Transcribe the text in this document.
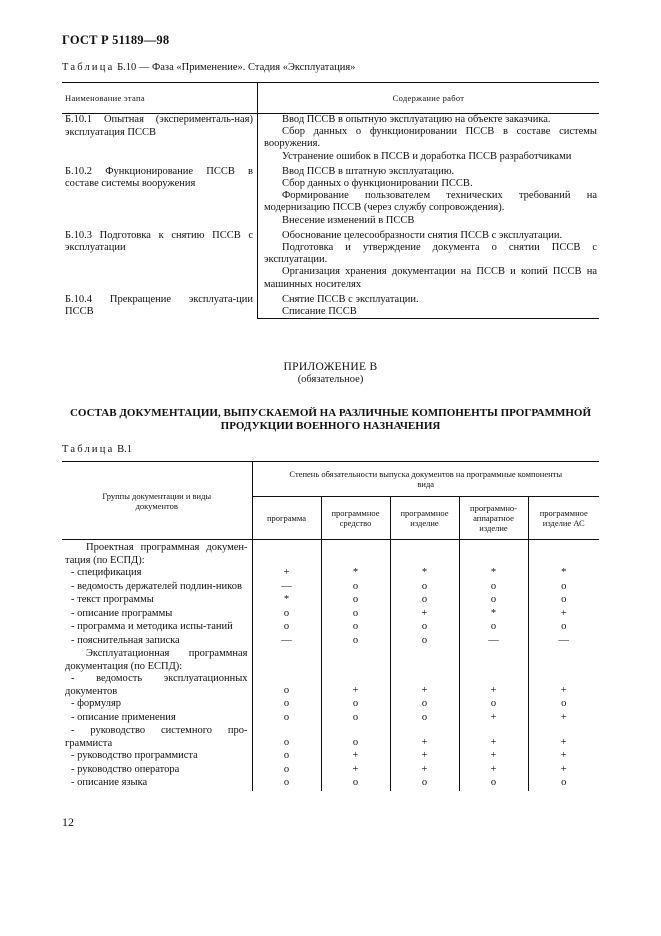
ГОСТ Р 51189—98
Таблица Б.10 — Фаза «Применение». Стадия «Эксплуатация»
Наименование этапа	Содержание работ
Б.10.1 Опытная (эксперименталь-ная) эксплуатация ПССВ	Ввод ПССВ в опытную эксплуатацию на объекте заказчика.

	Сбор данных о функционировании ПССВ в составе системы вооружения.

	Устранение ошибок в ПССВ и доработка ПССВ разработчиками

Б.10.2 Функционирование ПССВ в составе системы вооружения	Ввод ПССВ в штатную эксплуатацию.

	Сбор данных о функционировании ПССВ.

	Формирование пользователем технических требований на модернизацию ПССВ (через службу сопровождения).

	Внесение изменений в ПССВ

Б.10.3 Подготовка к снятию ПССВ с эксплуатации	Обоснование целесообразности снятия ПССВ с эксплуатации.

	Подготовка и утверждение документа о снятии ПССВ с эксплуатации.

	Организация хранения документации на ПССВ и копий ПССВ на машинных носителях

Б.10.4 Прекращение эксплуата-ции ПССВ	Снятие ПССВ с эксплуатации.

	Списание ПССВ
ПРИЛОЖЕНИЕ В
(обязательное)
СОСТАВ ДОКУМЕНТАЦИИ, ВЫПУСКАЕМОЙ НА РАЗЛИЧНЫЕ КОМПОНЕНТЫ ПРОГРАММНОЙ
ПРОДУКЦИИ ВОЕННОГО НАЗНАЧЕНИЯ
Таблица В.1
Группы документации и виды документов	Степень обязательности выпуска документов на программные компоненты вида				
	программа	программное средство	программное изделие	программно-аппаратное изделие	программное изделие АС
Проектная программная докумен-тация (по ЕСПД):					
- спецификация	+	*	*	*	*
- ведомость держателей подлин-ников	—	o	o	o	o
- текст программы	*	o	o	o	o
- описание программы	o	o	+	*	+
- программа и методика испы-таний	o	o	o	o	o
- пояснительная записка	—	o	o	—	—
Эксплуатационная программная документация (по ЕСПД):					
- ведомость эксплуатационных документов	o	+	+	+	+
- формуляр	o	o	o	o	o
- описание применения	o	o	o	+	+
- руководство системного про-граммиста	o	o	+	+	+
- руководство программиста	o	+	+	+	+
- руководство оператора	o	+	+	+	+
- описание языка	o	o	o	o	o
12
